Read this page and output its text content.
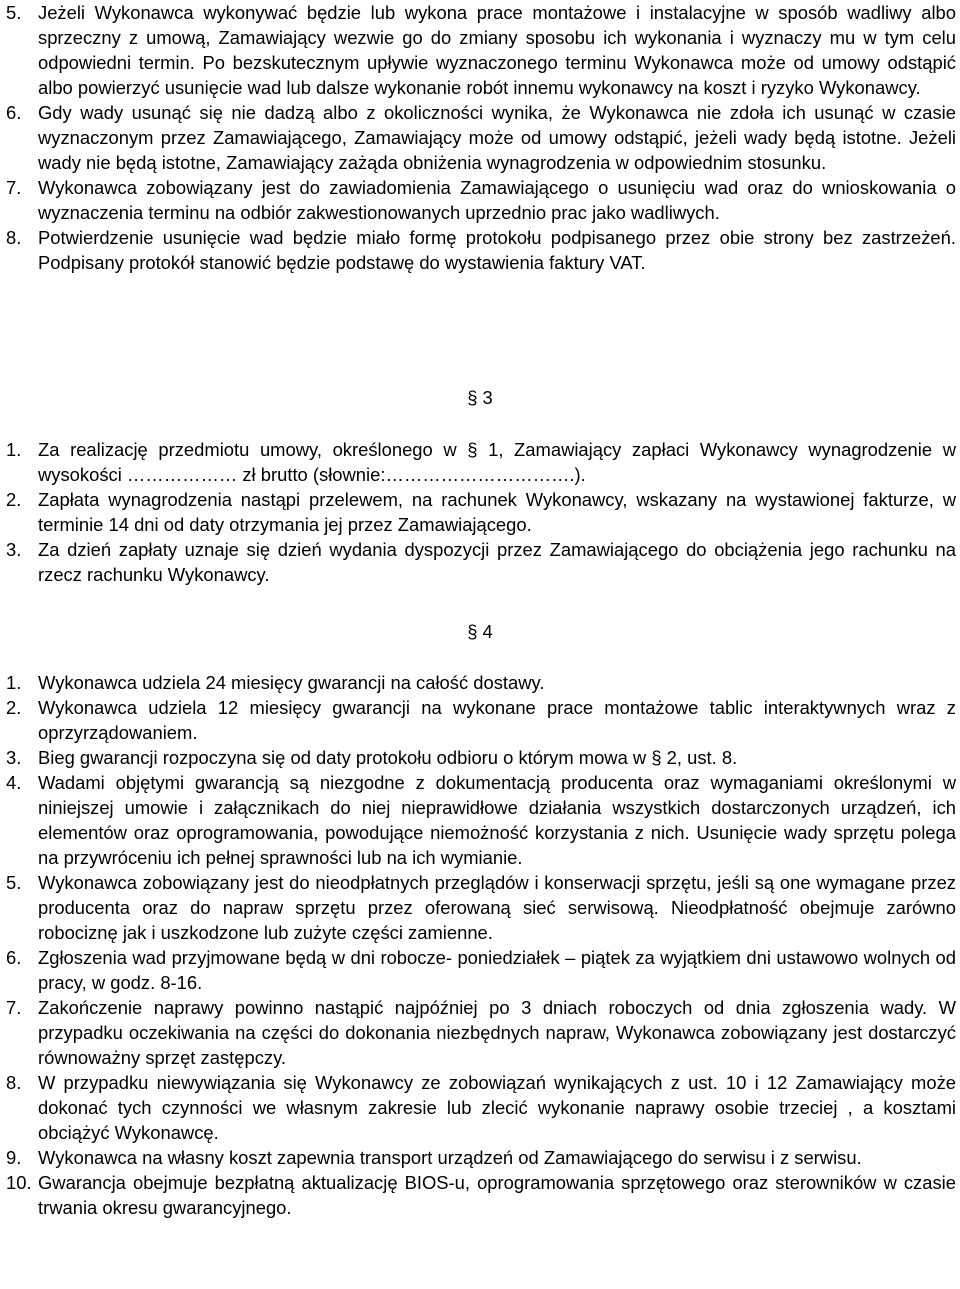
5. Jeżeli Wykonawca wykonywać będzie lub wykona prace montażowe i instalacyjne w sposób wadliwy albo sprzeczny z umową, Zamawiający wezwie go do zmiany sposobu ich wykonania i wyznaczy mu w tym celu odpowiedni termin. Po bezskutecznym upływie wyznaczonego terminu Wykonawca może od umowy odstąpić albo powierzyć usunięcie wad lub dalsze wykonanie robót innemu wykonawcy na koszt i ryzyko Wykonawcy.
6. Gdy wady usunąć się nie dadzą albo z okoliczności wynika, że Wykonawca nie zdoła ich usunąć w czasie wyznaczonym przez Zamawiającego, Zamawiający może od umowy odstąpić, jeżeli wady będą istotne. Jeżeli wady nie będą istotne, Zamawiający zażąda obniżenia wynagrodzenia w odpowiednim stosunku.
7. Wykonawca zobowiązany jest do zawiadomienia Zamawiającego o usunięciu wad oraz do wnioskowania o wyznaczenia terminu na odbiór zakwestionowanych uprzednio prac jako wadliwych.
8. Potwierdzenie usunięcie wad będzie miało formę protokołu podpisanego przez obie strony bez zastrzeżeń. Podpisany protokół stanowić będzie podstawę do wystawienia faktury VAT.
§ 3
1. Za realizację przedmiotu umowy, określonego w § 1, Zamawiający zapłaci Wykonawcy wynagrodzenie w wysokości ……………… zł brutto (słownie:………………………….).
2. Zapłata wynagrodzenia nastąpi przelewem, na rachunek Wykonawcy, wskazany na wystawionej fakturze, w terminie 14 dni od daty otrzymania jej przez Zamawiającego.
3. Za dzień zapłaty uznaje się dzień wydania dyspozycji przez Zamawiającego do obciążenia jego rachunku na rzecz rachunku Wykonawcy.
§ 4
1. Wykonawca udziela 24 miesięcy gwarancji na całość dostawy.
2. Wykonawca udziela 12 miesięcy gwarancji na wykonane prace montażowe tablic interaktywnych wraz z oprzyrządowaniem.
3. Bieg gwarancji rozpoczyna się od daty protokołu odbioru o którym mowa w § 2, ust. 8.
4. Wadami objętymi gwarancją są niezgodne z dokumentacją producenta oraz wymaganiami określonymi w niniejszej umowie i załącznikach do niej nieprawidłowe działania wszystkich dostarczonych urządzeń, ich elementów oraz oprogramowania, powodujące niemożność korzystania z nich. Usunięcie wady sprzętu polega na przywróceniu ich pełnej sprawności lub na ich wymianie.
5. Wykonawca zobowiązany jest do nieodpłatnych przeglądów i konserwacji sprzętu, jeśli są one wymagane przez producenta oraz do napraw sprzętu przez oferowaną sieć serwisową. Nieodpłatność obejmuje zarówno robociznę jak i uszkodzone lub zużyte części zamienne.
6. Zgłoszenia wad przyjmowane będą w dni robocze- poniedziałek – piątek za wyjątkiem dni ustawowo wolnych od pracy, w godz. 8-16.
7. Zakończenie naprawy powinno nastąpić najpóźniej po 3 dniach roboczych od dnia zgłoszenia wady. W przypadku oczekiwania na części do dokonania niezbędnych napraw, Wykonawca zobowiązany jest dostarczyć równoważny sprzęt zastępczy.
8. W przypadku niewywiązania się Wykonawcy ze zobowiązań wynikających z ust. 10 i 12 Zamawiający może dokonać tych czynności we własnym zakresie lub zlecić wykonanie naprawy osobie trzeciej , a kosztami obciążyć Wykonawcę.
9. Wykonawca na własny koszt zapewnia transport urządzeń od Zamawiającego do serwisu i z serwisu.
10. Gwarancja obejmuje bezpłatną aktualizację BIOS-u, oprogramowania sprzętowego oraz sterowników w czasie trwania okresu gwarancyjnego.
